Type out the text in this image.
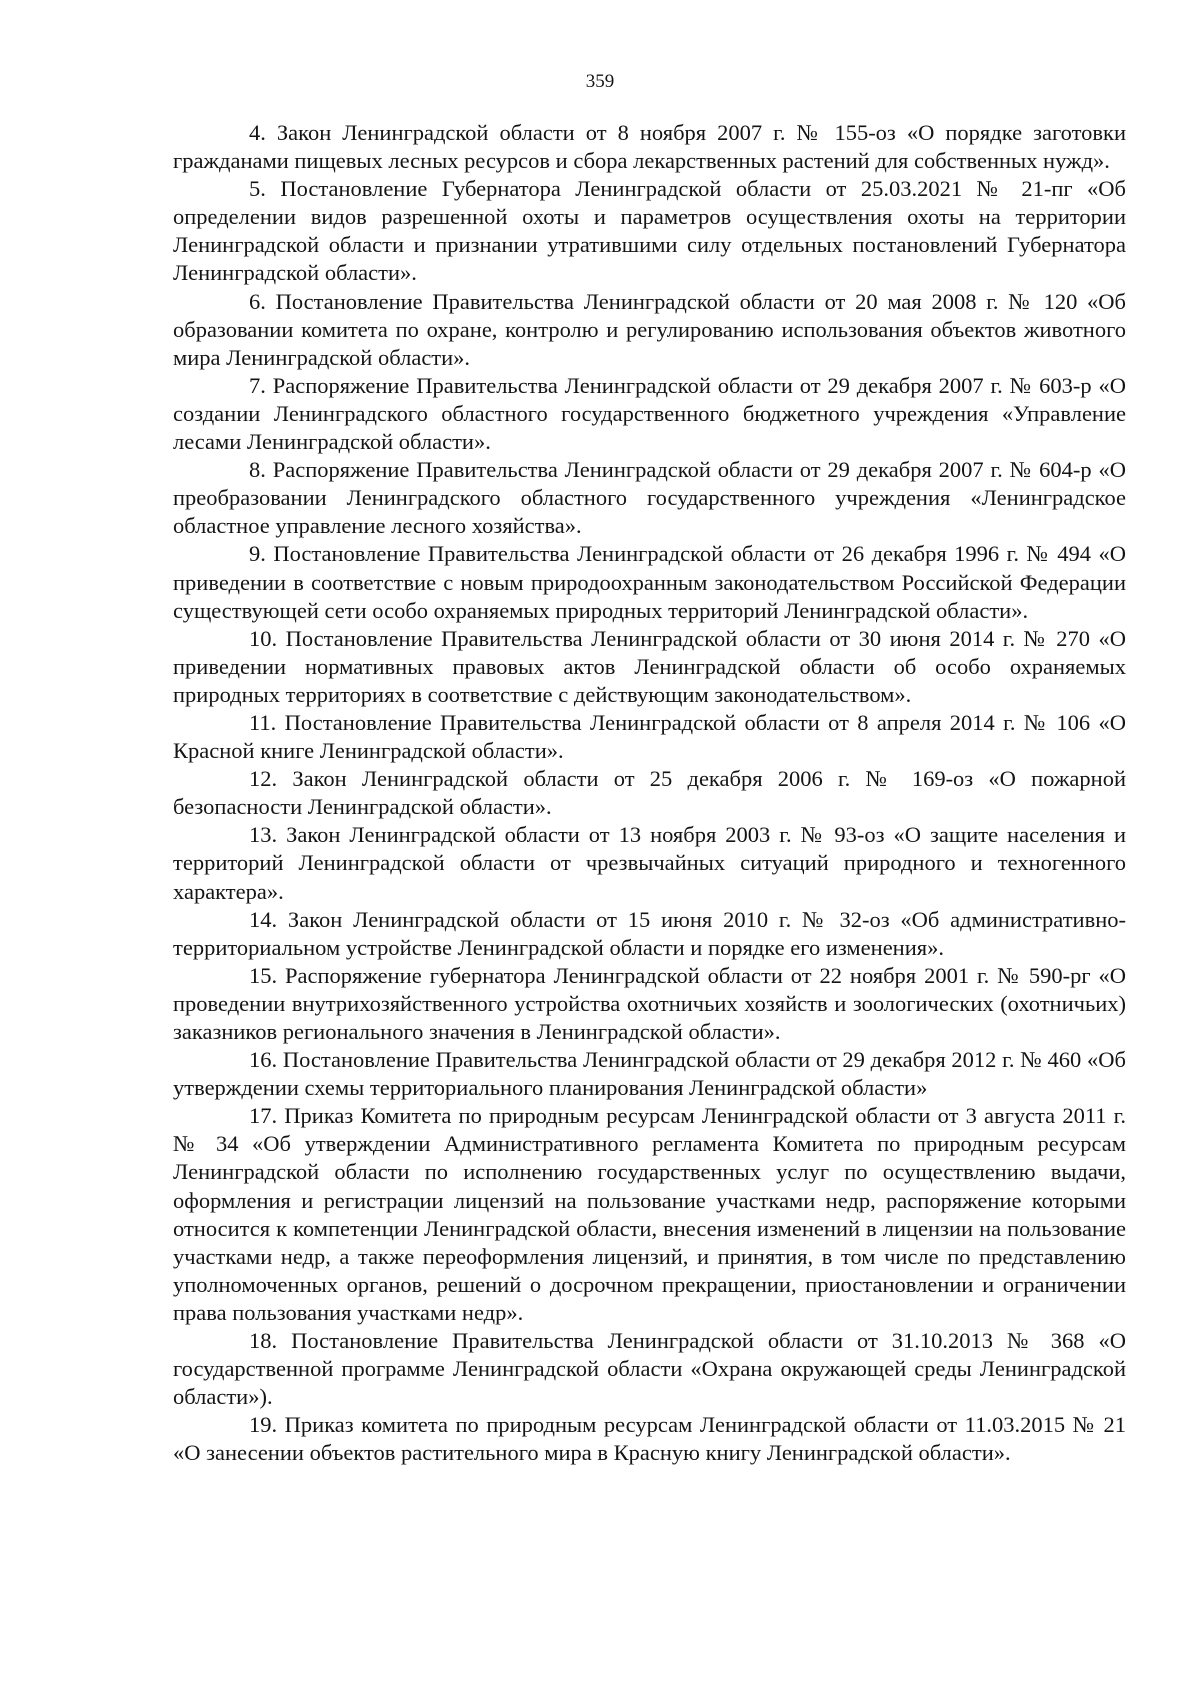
359

4. Закон Ленинградской области от 8 ноября 2007 г. № 155-оз «О порядке заготовки гражданами пищевых лесных ресурсов и сбора лекарственных растений для собственных нужд».

5. Постановление Губернатора Ленинградской области от 25.03.2021 № 21-пг «Об определении видов разрешенной охоты и параметров осуществления охоты на территории Ленинградской области и признании утратившими силу отдельных постановлений Губернатора Ленинградской области».

6. Постановление Правительства Ленинградской области от 20 мая 2008 г. № 120 «Об образовании комитета по охране, контролю и регулированию использования объектов животного мира Ленинградской области».

7. Распоряжение Правительства Ленинградской области от 29 декабря 2007 г. № 603-р «О создании Ленинградского областного государственного бюджетного учреждения «Управление лесами Ленинградской области».

8. Распоряжение Правительства Ленинградской области от 29 декабря 2007 г. № 604-р «О преобразовании Ленинградского областного государственного учреждения «Ленинградское областное управление лесного хозяйства».

9. Постановление Правительства Ленинградской области от 26 декабря 1996 г. № 494 «О приведении в соответствие с новым природоохранным законодательством Российской Федерации существующей сети особо охраняемых природных территорий Ленинградской области».

10. Постановление Правительства Ленинградской области от 30 июня 2014 г. № 270 «О приведении нормативных правовых актов Ленинградской области об особо охраняемых природных территориях в соответствие с действующим законодательством».

11. Постановление Правительства Ленинградской области от 8 апреля 2014 г. № 106 «О Красной книге Ленинградской области».

12. Закон Ленинградской области от 25 декабря 2006 г. № 169-оз «О пожарной безопасности Ленинградской области».

13. Закон Ленинградской области от 13 ноября 2003 г. № 93-оз «О защите населения и территорий Ленинградской области от чрезвычайных ситуаций природного и техногенного характера».

14. Закон Ленинградской области от 15 июня 2010 г. № 32-оз «Об административно-территориальном устройстве Ленинградской области и порядке его изменения».

15. Распоряжение губернатора Ленинградской области от 22 ноября 2001 г. № 590-рг «О проведении внутрихозяйственного устройства охотничьих хозяйств и зоологических (охотничьих) заказников регионального значения в Ленинградской области».

16. Постановление Правительства Ленинградской области от 29 декабря 2012 г. № 460 «Об утверждении схемы территориального планирования Ленинградской области»

17. Приказ Комитета по природным ресурсам Ленинградской области от 3 августа 2011 г. № 34 «Об утверждении Административного регламента Комитета по природным ресурсам Ленинградской области по исполнению государственных услуг по осуществлению выдачи, оформления и регистрации лицензий на пользование участками недр, распоряжение которыми относится к компетенции Ленинградской области, внесения изменений в лицензии на пользование участками недр, а также переоформления лицензий, и принятия, в том числе по представлению уполномоченных органов, решений о досрочном прекращении, приостановлении и ограничении права пользования участками недр».

18. Постановление Правительства Ленинградской области от 31.10.2013 № 368 «О государственной программе Ленинградской области «Охрана окружающей среды Ленинградской области»).

19. Приказ комитета по природным ресурсам Ленинградской области от 11.03.2015 № 21 «О занесении объектов растительного мира в Красную книгу Ленинградской области».
